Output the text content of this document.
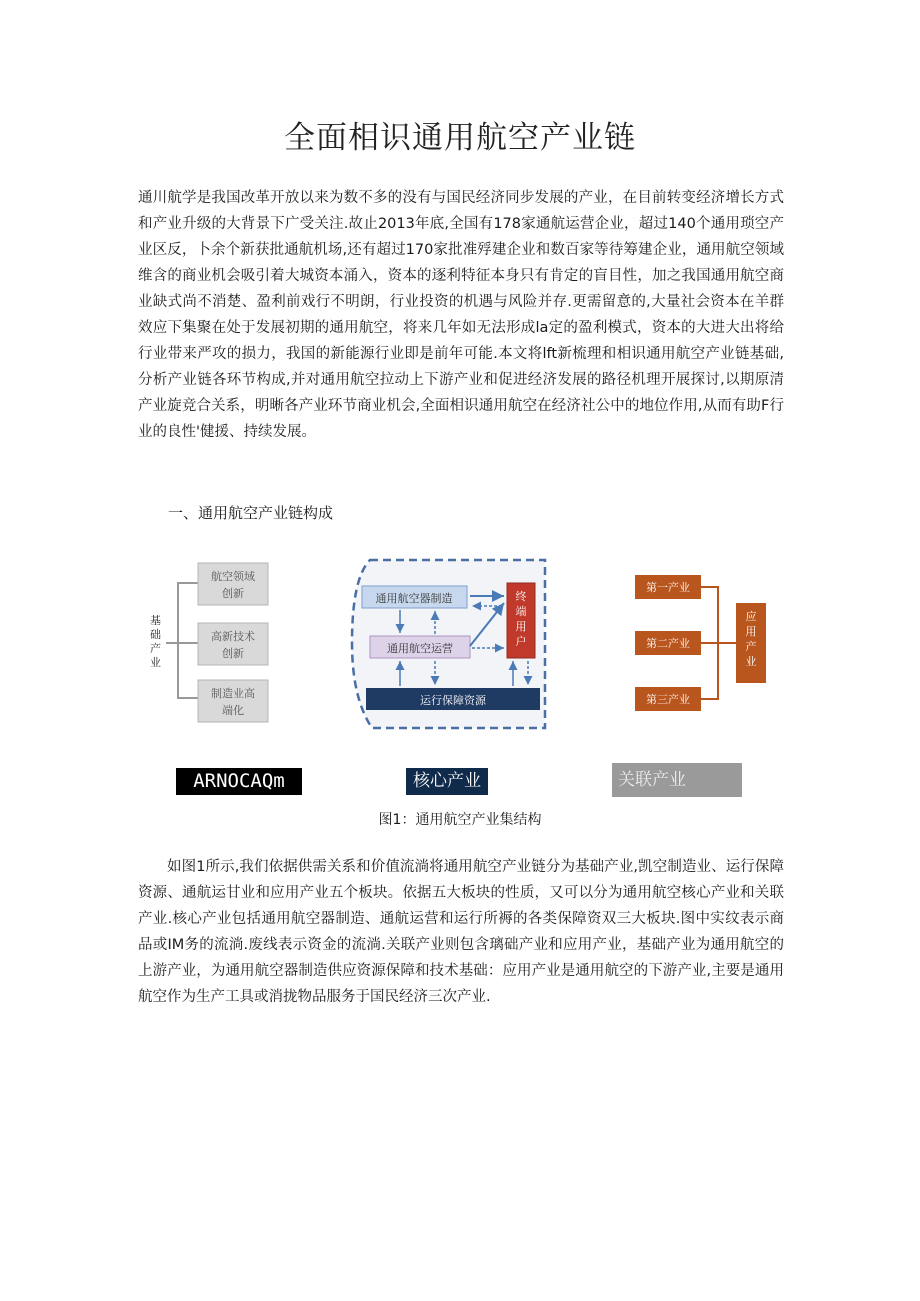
全面相识通用航空产业链
通川航学是我国改革开放以来为数不多的没有与国民经济同步发展的产业，在目前转变经济增长方式和产业升级的大背景下广受关注.故止2013年底,全国有178家通航运营企业，超过140个通用琐空产业区反，卜余个新获批通航机场,还有超过170家批准殍建企业和数百家等待筹建企业，通用航空领域维含的商业机会吸引着大城资本涌入，资本的逐利特征本身只有肯定的盲目性，加之我国通用航空商业缺式尚不消楚、盈利前戏行不明朗，行业投资的机遇与风险并存.更需留意的,大量社会资本在羊群效应下集聚在处于发展初期的通用航空，将来几年如无法形成la定的盈利模式，资本的大进大出将给行业带来严攻的损力，我国的新能源行业即是前年可能.本文将lft新梳理和相识通用航空产业链基础,分析产业链各环节构成,并对通用航空拉动上下游产业和促进经济发展的路径机理开展探讨,以期原清产业旋竞合关系，明晰各产业环节商业机会,全面相识通用航空在经济社公中的地位作用,从而有助F行业的良性'健援、持续发展。
一、通用航空产业链构成
基础产业
航空领域
创新
高新技术
创新
制造业高
端化
通用航空器制造
通用航空运营
终端用户
运行保障资源
第一产业
第二产业
第三产业
应用产业
ARNOCAQm	核心产业	关联产业
图1：通用航空产业集结构
如图1所示,我们依据供需关系和价值流淌将通用航空产业链分为基础产业,凯空制造业、运行保障资源、通航运甘业和应用产业五个板块。依据五大板块的性质，又可以分为通用航空核心产业和关联产业.核心产业包括通用航空器制造、通航运营和运行所褥的各类保障资双三大板块.图中实纹表示商品或IM务的流淌.废线表示资金的流淌.关联产业则包含璃础产业和应用产业，基础产业为通用航空的上游产业，为通用航空器制造供应资源保障和技术基础：应用产业是通用航空的下游产业,主要是通用航空作为生产工具或消拢物品服务于国民经济三次产业.
